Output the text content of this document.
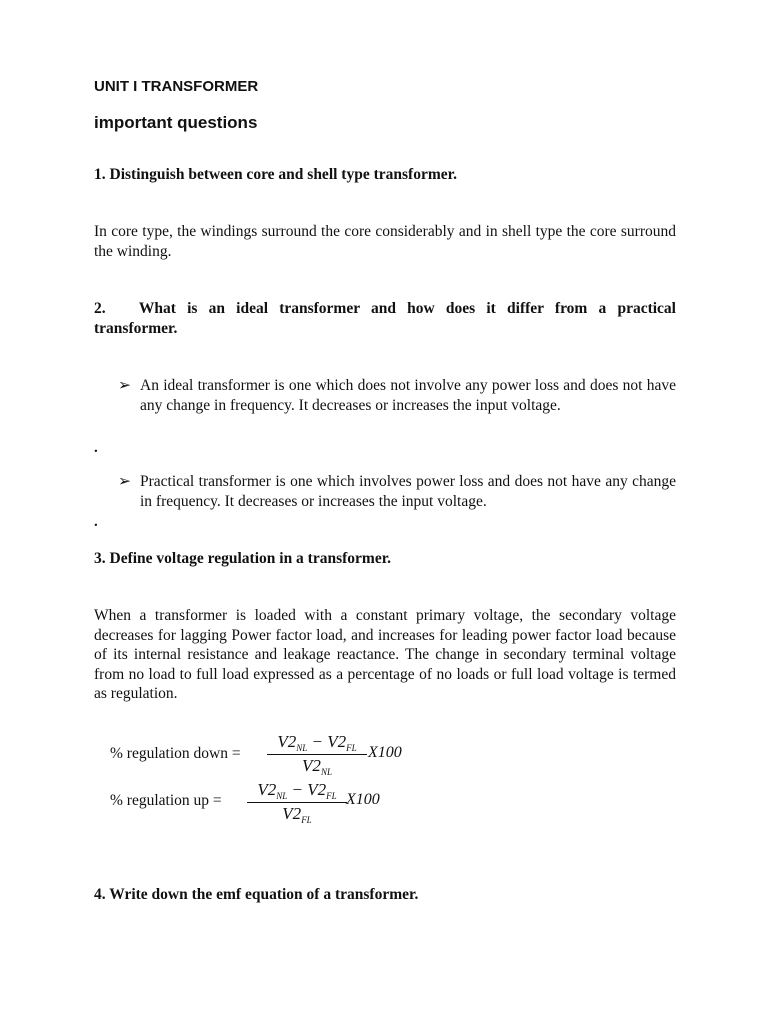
UNIT I TRANSFORMER
important questions
1. Distinguish between core and shell type transformer.
In core type, the windings surround the core considerably and in shell type the core surround the winding.
2.   What is an ideal transformer and how does it differ from a practical
transformer.
➢ An ideal transformer is one which does not involve any power loss and does not have any change in frequency. It decreases or increases the input voltage.
.
➢ Practical transformer is one which involves power loss and does not have any change in frequency. It decreases or increases the input voltage.
.
3. Define voltage regulation in a transformer.
When a transformer is loaded with a constant primary voltage, the secondary voltage decreases for lagging Power factor load, and increases for leading power factor load because of its internal resistance and leakage reactance. The change in secondary terminal voltage from no load to full load expressed as a percentage of no loads or full load voltage is termed as regulation.
% regulation down =
$V2_{NL} - V2_{FL}$
$V2_{NL}$
X100
% regulation up =
$V2_{NL} - V2_{FL}$
$V2_{FL}$
X100
4. Write down the emf equation of a transformer.
